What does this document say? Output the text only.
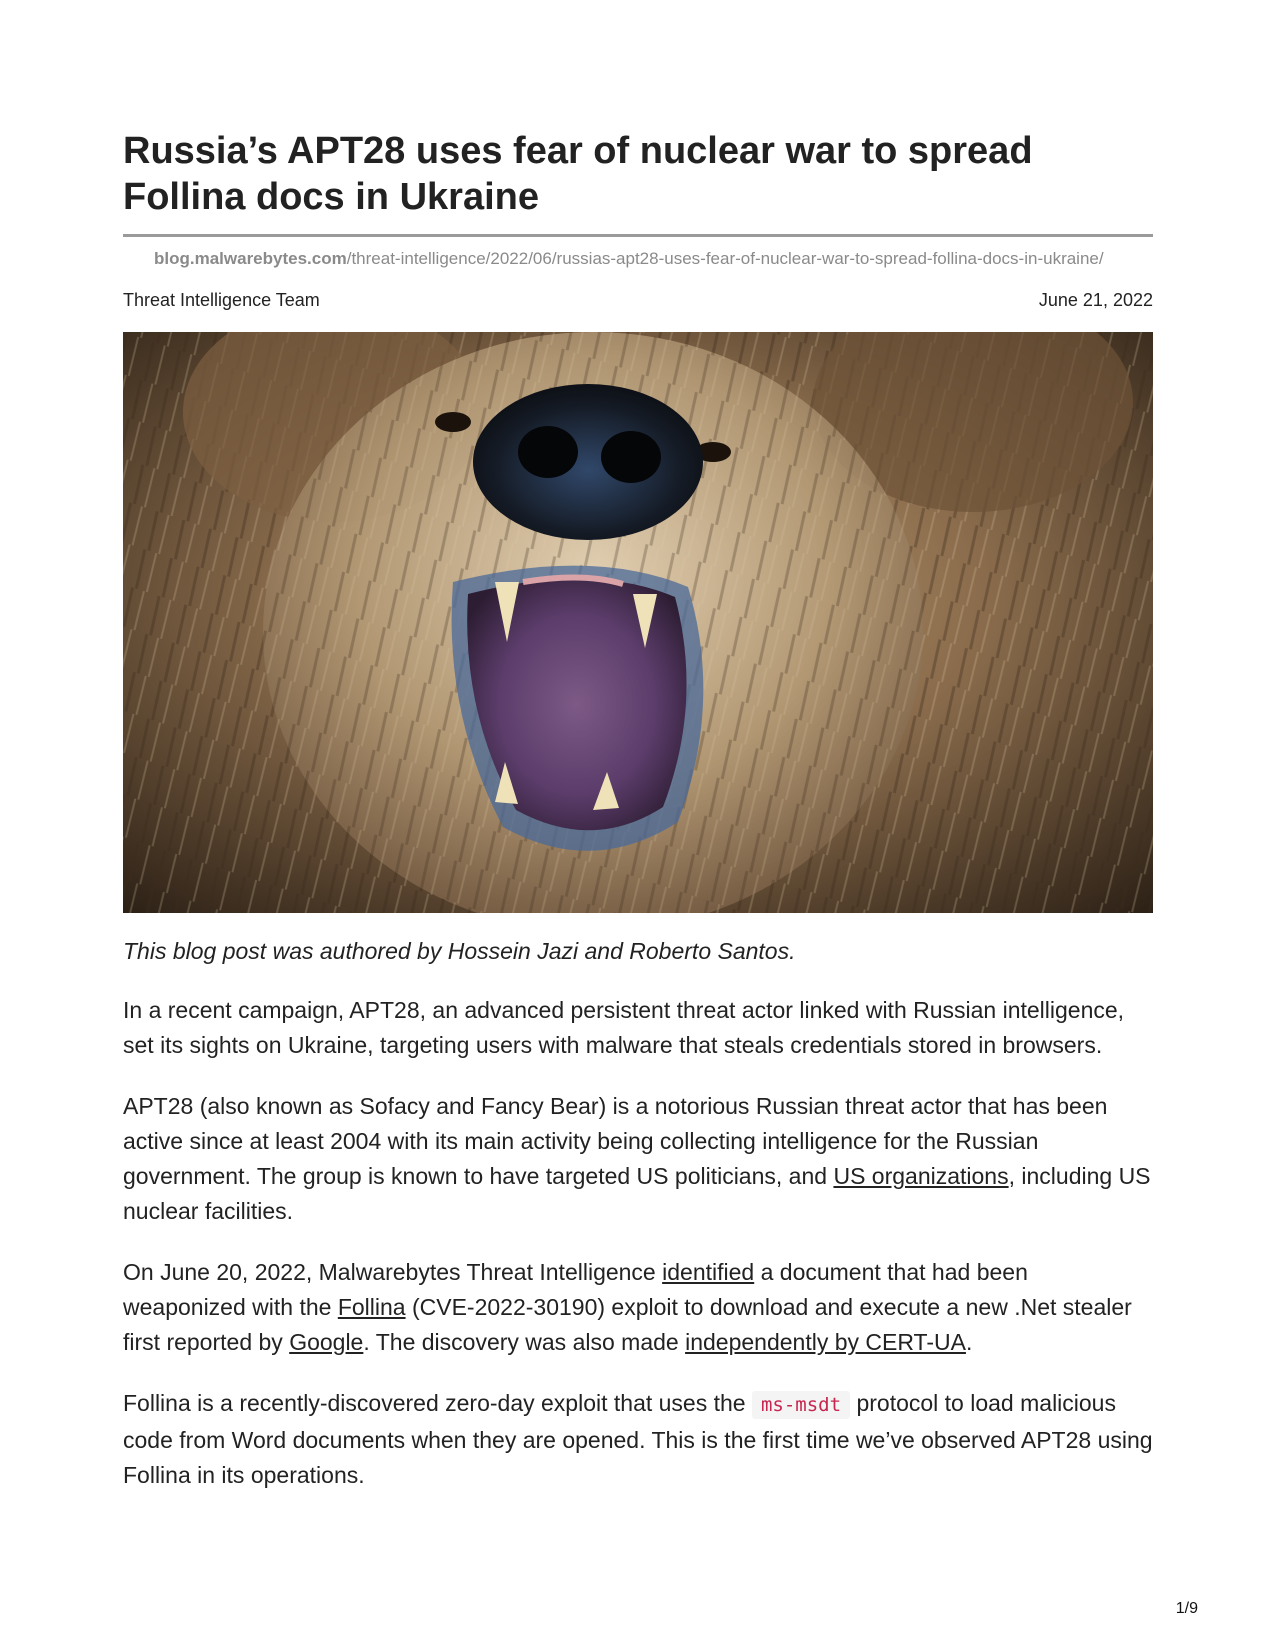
Russia’s APT28 uses fear of nuclear war to spread Follina docs in Ukraine
blog.malwarebytes.com/threat-intelligence/2022/06/russias-apt28-uses-fear-of-nuclear-war-to-spread-follina-docs-in-ukraine/
Threat Intelligence Team	June 21, 2022
This blog post was authored by Hossein Jazi and Roberto Santos.

In a recent campaign, APT28, an advanced persistent threat actor linked with Russian intelligence, set its sights on Ukraine, targeting users with malware that steals credentials stored in browsers.

APT28 (also known as Sofacy and Fancy Bear) is a notorious Russian threat actor that has been active since at least 2004 with its main activity being collecting intelligence for the Russian government. The group is known to have targeted US politicians, and US organizations, including US nuclear facilities.

On June 20, 2022, Malwarebytes Threat Intelligence identified a document that had been weaponized with the Follina (CVE-2022-30190) exploit to download and execute a new .Net stealer first reported by Google. The discovery was also made independently by CERT-UA.

Follina is a recently-discovered zero-day exploit that uses the ms-msdt protocol to load malicious code from Word documents when they are opened. This is the first time we’ve observed APT28 using Follina in its operations.

1/9
